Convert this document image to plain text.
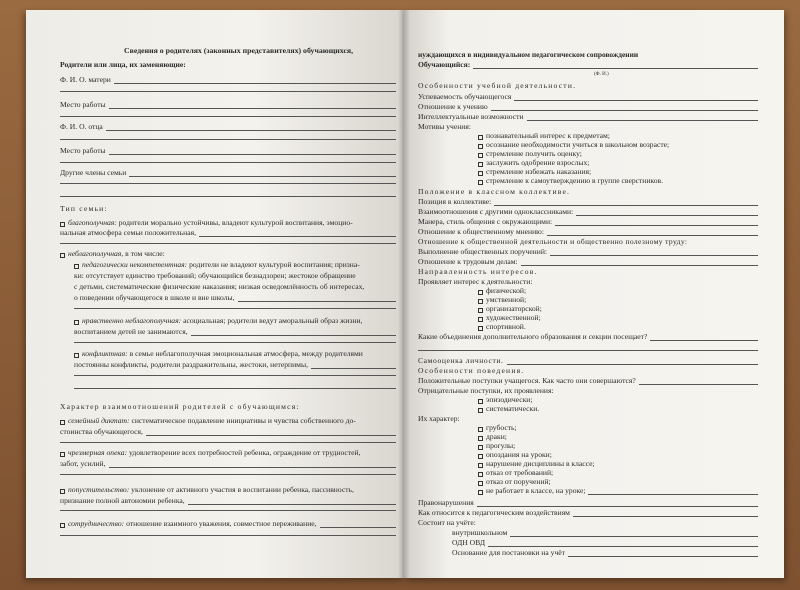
Сведения о родителях (законных представителях) обучающихся,
Родители или лица, их заменяющие:
Ф. И. О. матери
Место работы
Ф. И. О. отца
Место работы
Другие члены семьи
Тип семьи:
благополучная:
родители морально устойчивы, владеют культурой воспитания, эмоцио-
нальная атмосфера семьи положительная,
неблагополучная,
в том числе:
педагогически некомпетентная:
родители не владеют культурой воспитания; призна-
ки: отсутствует единство требований; обучающийся безнадзорен; жестокое обращение
с детьми, систематические физические наказания; низкая осведомлённость об интересах,
о поведении обучающегося в школе и вне школы,
нравственно неблагополучная:
асоциальная; родители ведут аморальный образ жизни,
воспитанием детей не занимаются,
конфликтная:
в семье неблагополучная эмоциональная атмосфера, между родителями
постоянны конфликты, родители раздражительны, жестоки, нетерпимы,
Характер взаимоотношений родителей с обучающимся:
семейный диктат:
систематическое подавление инициативы и чувства собственного до-
стоинства обучающегося,
чрезмерная опека:
удовлетворение всех потребностей ребенка, ограждение от трудностей,
забот, усилий,
попустительство:
уклонение от активного участия в воспитании ребенка, пассивность,
признание полной автономии ребенка,
сотрудничество:
отношение взаимного уважения, совместное переживание,
нуждающихся в индивидуальном педагогическом сопровождении
Обучающийся:
(Ф. И.)
Особенности учебной деятельности.
Успеваемость обучающегося
Отношение к учению
Интеллектуальные возможности
Мотивы учения:
познавательный интерес к предметам;
осознание необходимости учиться в школьном возрасте;
стремление получить оценку;
заслужить одобрение взрослых;
стремление избежать наказания;
стремление к самоутверждению в группе сверстников.
Положение в классном коллективе.
Позиция в коллективе:
Взаимоотношения с другими одноклассниками:
Манера, стиль общения с окружающими:
Отношение к общественному мнению:
Отношение к общественной деятельности и общественно полезному труду:
Выполнение общественных поручений:
Отношение к трудовым делам:
Направленность интересов.
Проявляет интерес к деятельности:
физической;
умственной;
организаторской;
художественной;
спортивной.
Какие объединения дополнительного образования и секции посещает?
Самооценка личности.
Особенности поведения.
Положительные поступки учащегося. Как часто они совершаются?
Отрицательные поступки, их проявления:
эпизодически;
систематически.
Их характер:
грубость;
драки;
прогулы;
опоздания на уроки;
нарушение дисциплины в классе;
отказ от требований;
отказ от поручений;
не работает в классе, на уроке;
Правонарушения
Как относится к педагогическим воздействиям
Состоит на учёте:
внутришкольном
ОДН ОВД
Основание для постановки на учёт
